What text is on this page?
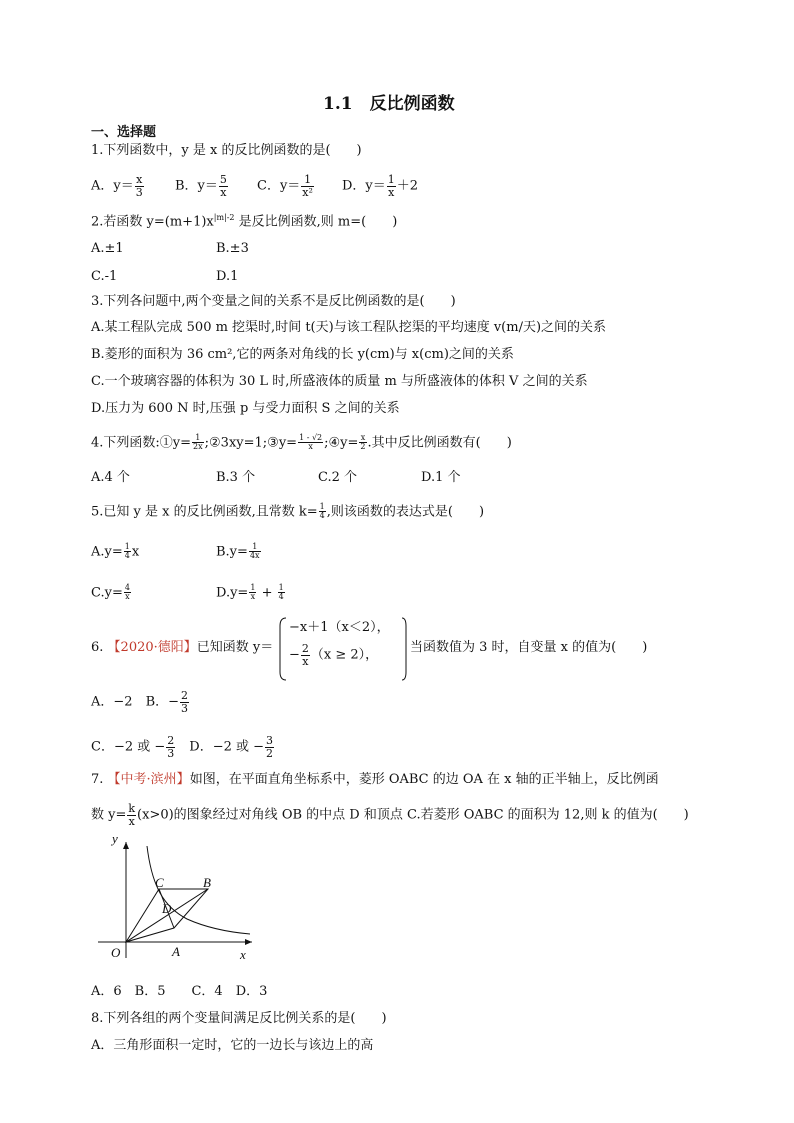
1.1　反比例函数
一、选择题
1.下列函数中，y 是 x 的反比例函数的是(　　)
A．$y= \frac{x}{3}$ B．$y= \frac{5}{x}$ C．$y= \frac{1}{\text{x²}}$ D．$y= \frac{1}{x} +2$
2.若函数 $y=(m+1)x^{|m|-2}$ 是反比例函数,则 m=(　　)
A.±1	B.±3
C.-1	D.1
3.下列各问题中,两个变量之间的关系不是反比例函数的是(　　)
A.某工程队完成 500 m 挖渠时,时间 t(天)与该工程队挖渠的平均速度 v(m/天)之间的关系
B.菱形的面积为 36 cm²,它的两条对角线的长 y(cm)与 x(cm)之间的关系
C.一个玻璃容器的体积为 30 L 时,所盛液体的质量 m 与所盛液体的体积 V 之间的关系
D.压力为 600 N 时,压强 p 与受力面积 S 之间的关系
4.下列函数:①y= $\frac{1}{2x}$ ;②3xy=1;③y= $\frac{1 - √2}{x}$ ;④y= $\frac{x}{2}$ .其中反比例函数有(　　)
A.4 个	B.3 个	C.2 个	D.1 个
5.已知 y 是 x 的反比例函数,且常数 $k= \frac{1}{4}$ ,则该函数的表达式是(　　)
$A.y= \frac{1}{4}$ x	$B.y= \frac{1}{4x}$
$C.y= \frac{4}{x}$	$D.y= \frac{1}{x} + \frac{1}{4}$
6. 【2020·德阳】已知函数 y＝
−x＋1（x＜2），
− $\frac{2}{x} (x \ge 2)$，
当函数值为 3 时，自变量 x 的值为(　　)
A．−2　 B．− $\frac{2}{3}$
C．−2 或 − $\frac{2}{3}$
　 D．−2 或 − $\frac{3}{2}$
7. 【中考·滨州】如图，在平面直角坐标系中，菱形 OABC 的边 OA 在 x 轴的正半轴上，反比例函
数 $y= \frac{k}{x} (x>0)$的图象经过对角线 OB 的中点 D 和顶点 C.若菱形 OABC 的面积为 12,则 k 的值为(　　)
y
x
O	A
B
C
D
A．6　B．5　　C．4　D．3
8.下列各组的两个变量间满足反比例关系的是(　　)
A．三角形面积一定时，它的一边长与该边上的高
